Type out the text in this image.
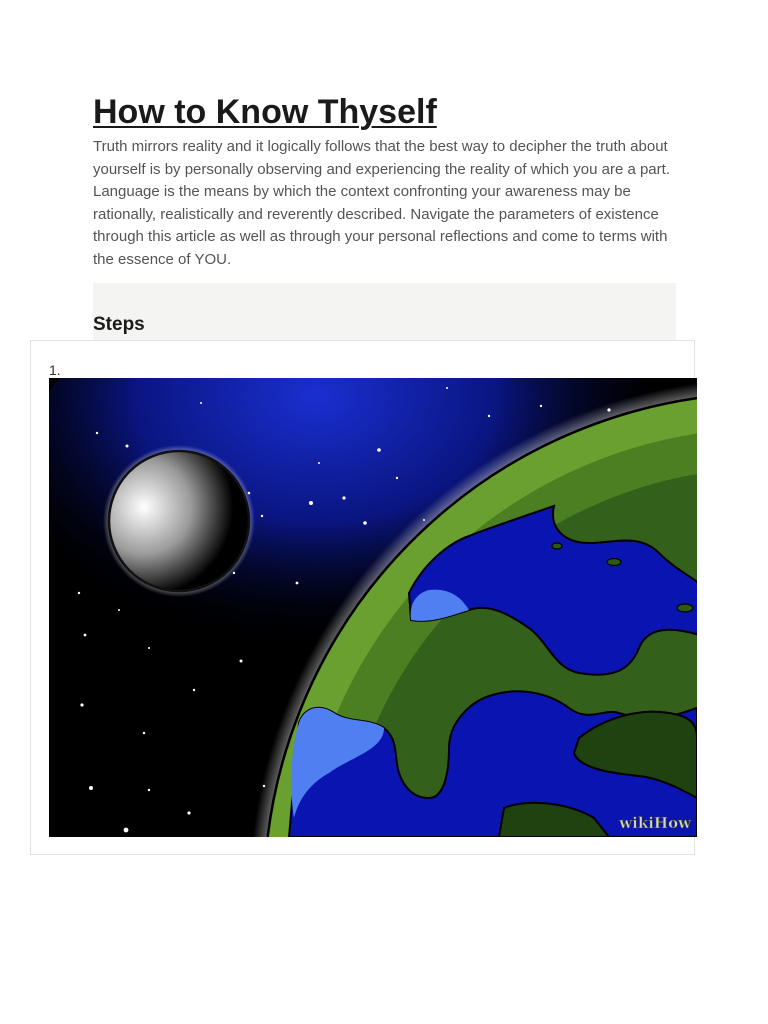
How to Know Thyself

Truth mirrors reality and it logically follows that the best way to decipher the truth about yourself is by personally observing and experiencing the reality of which you are a part. Language is the means by which the context confronting your awareness may be rationally, realistically and reverently described. Navigate the parameters of existence through this article as well as through your personal reflections and come to terms with the essence of YOU.

Steps
1.
wikiHow
